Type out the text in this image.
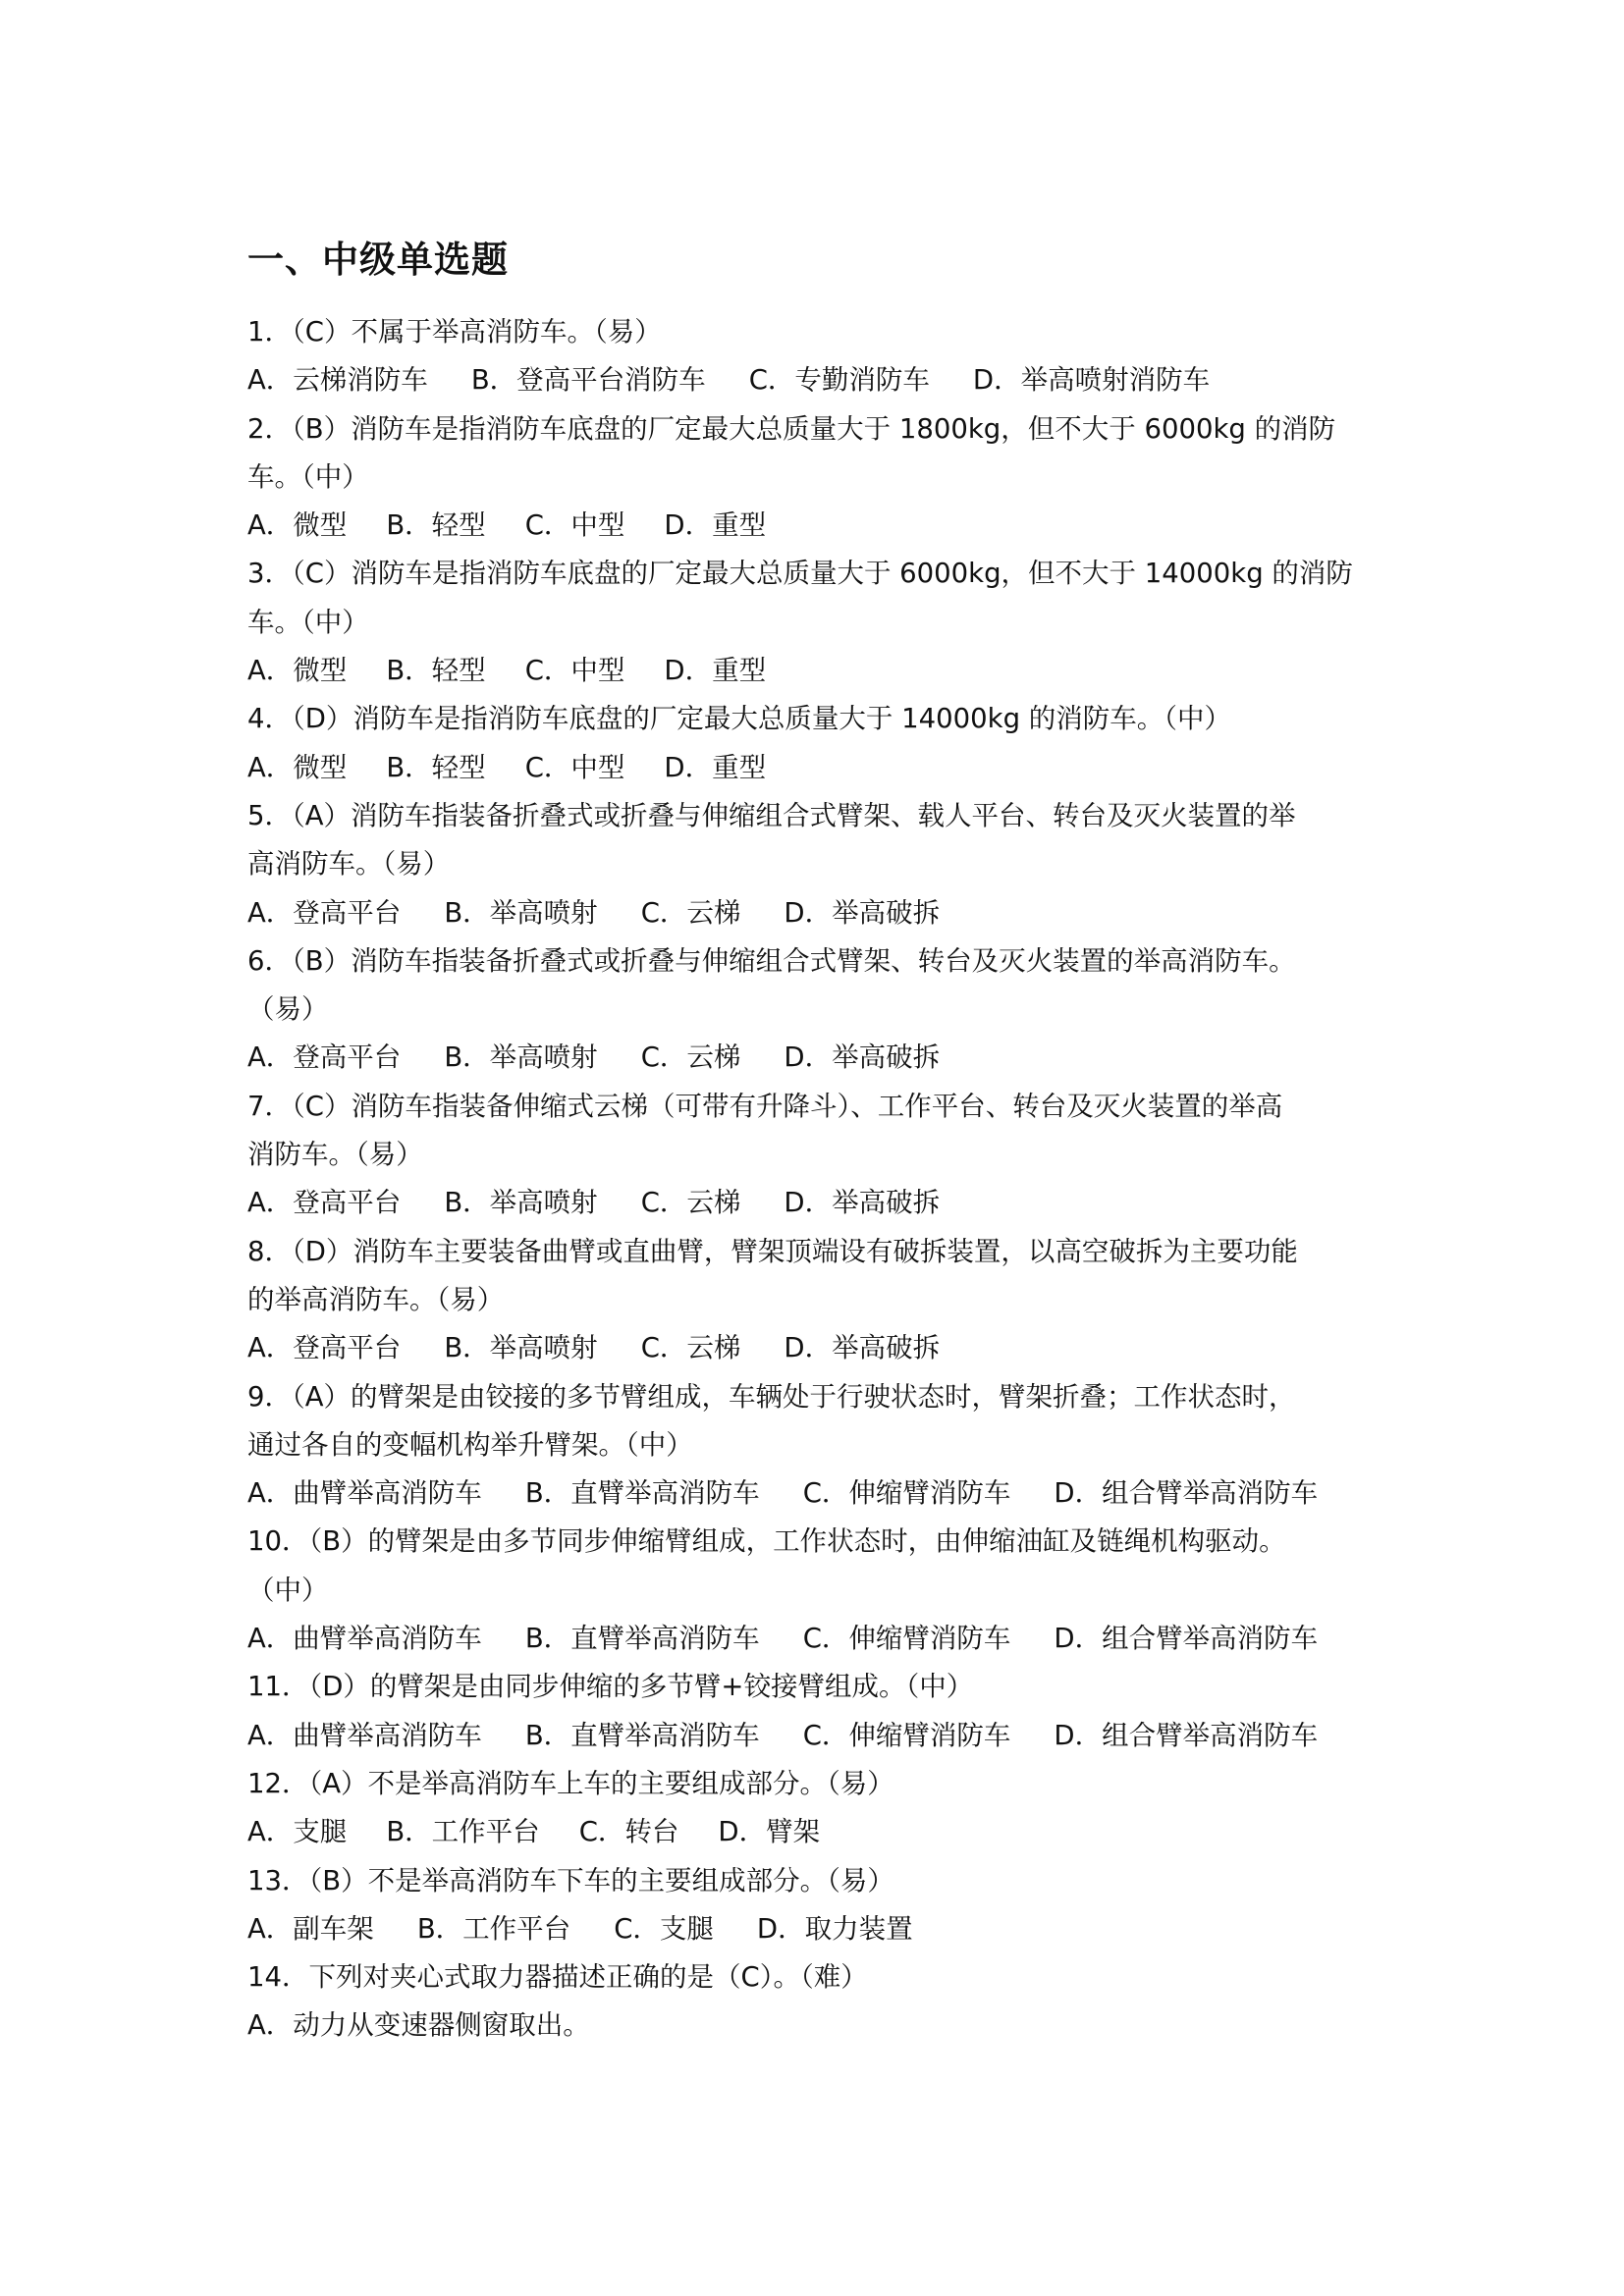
一、中级单选题

1．（C）不属于举高消防车。（易）

A．云梯消防车 B．登高平台消防车 C．专勤消防车 D．举高喷射消防车

2．（B）消防车是指消防车底盘的厂定最大总质量大于 1800kg，但不大于 6000kg 的消防

车。（中）

A．微型 B．轻型 C．中型 D．重型

3．（C）消防车是指消防车底盘的厂定最大总质量大于 6000kg，但不大于 14000kg 的消防

车。（中）

A．微型 B．轻型 C．中型 D．重型

4．（D）消防车是指消防车底盘的厂定最大总质量大于 14000kg 的消防车。（中）

A．微型 B．轻型 C．中型 D．重型

5．（A）消防车指装备折叠式或折叠与伸缩组合式臂架、载人平台、转台及灭火装置的举

高消防车。（易）

A．登高平台 B．举高喷射 C．云梯 D．举高破拆

6．（B）消防车指装备折叠式或折叠与伸缩组合式臂架、转台及灭火装置的举高消防车。

（易）

A．登高平台 B．举高喷射 C．云梯 D．举高破拆

7．（C）消防车指装备伸缩式云梯（可带有升降斗）、工作平台、转台及灭火装置的举高

消防车。（易）

A．登高平台 B．举高喷射 C．云梯 D．举高破拆

8．（D）消防车主要装备曲臂或直曲臂，臂架顶端设有破拆装置，以高空破拆为主要功能

的举高消防车。（易）

A．登高平台 B．举高喷射 C．云梯 D．举高破拆

9．（A）的臂架是由铰接的多节臂组成，车辆处于行驶状态时，臂架折叠；工作状态时，

通过各自的变幅机构举升臂架。（中）

A．曲臂举高消防车 B．直臂举高消防车 C．伸缩臂消防车 D．组合臂举高消防车

10．（B）的臂架是由多节同步伸缩臂组成，工作状态时，由伸缩油缸及链绳机构驱动。

（中）

A．曲臂举高消防车 B．直臂举高消防车 C．伸缩臂消防车 D．组合臂举高消防车

11．（D）的臂架是由同步伸缩的多节臂+铰接臂组成。（中）

A．曲臂举高消防车 B．直臂举高消防车 C．伸缩臂消防车 D．组合臂举高消防车

12．（A）不是举高消防车上车的主要组成部分。（易）

A．支腿 B．工作平台 C．转台 D．臂架

13．（B）不是举高消防车下车的主要组成部分。（易）

A．副车架 B．工作平台 C．支腿 D．取力装置

14．下列对夹心式取力器描述正确的是（C）。（难）

A．动力从变速器侧窗取出。
